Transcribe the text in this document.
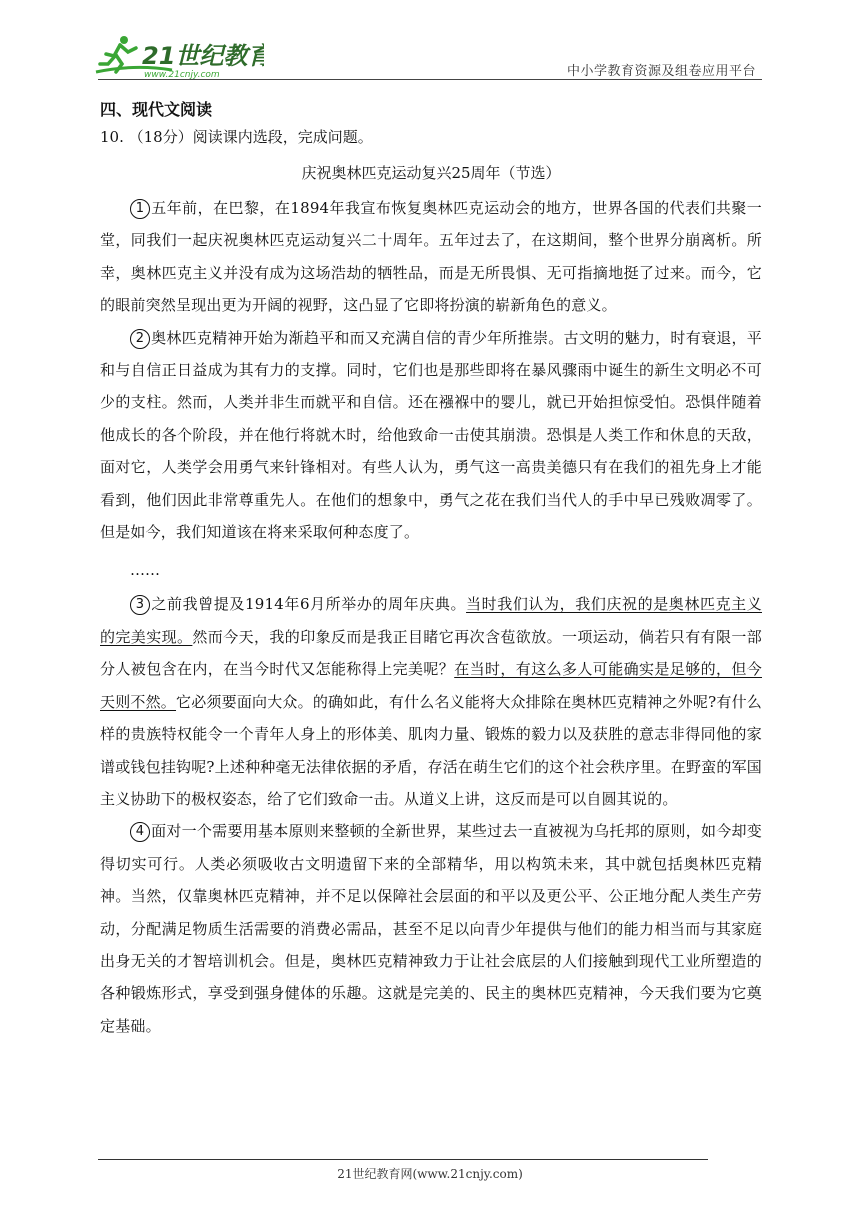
21世纪教育
www.21cnjy.com	中小学教育资源及组卷应用平台
四、现代文阅读

10. （18分）阅读课内选段，完成问题。

庆祝奥林匹克运动复兴25周年（节选）

1 五年前，在巴黎，在1894年我宣布恢复奥林匹克运动会的地方，世界各国的代表们共聚一堂，同我们一起庆祝奥林匹克运动复兴二十周年。五年过去了，在这期间，整个世界分崩离析。所幸，奥林匹克主义并没有成为这场浩劫的牺牲品，而是无所畏惧、无可指摘地挺了过来。而今，它的眼前突然呈现出更为开阔的视野，这凸显了它即将扮演的崭新角色的意义。

2 奥林匹克精神开始为渐趋平和而又充满自信的青少年所推崇。古文明的魅力，时有衰退，平和与自信正日益成为其有力的支撑。同时，它们也是那些即将在暴风骤雨中诞生的新生文明必不可少的支柱。然而，人类并非生而就平和自信。还在襁褓中的婴儿，就已开始担惊受怕。恐惧伴随着他成长的各个阶段，并在他行将就木时，给他致命一击使其崩溃。恐惧是人类工作和休息的天敌，面对它，人类学会用勇气来针锋相对。有些人认为，勇气这一高贵美德只有在我们的祖先身上才能看到，他们因此非常尊重先人。在他们的想象中，勇气之花在我们当代人的手中早已残败凋零了。但是如今，我们知道该在将来采取何种态度了。

……

3 之前我曾提及1914年6月所举办的周年庆典。当时我们认为，我们庆祝的是奥林匹克主义的完美实现。然而今天，我的印象反而是我正目睹它再次含苞欲放。一项运动，倘若只有有限一部分人被包含在内，在当今时代又怎能称得上完美呢？在当时，有这么多人可能确实是足够的，但今天则不然。它必须要面向大众。的确如此，有什么名义能将大众排除在奥林匹克精神之外呢?有什么样的贵族特权能令一个青年人身上的形体美、肌肉力量、锻炼的毅力以及获胜的意志非得同他的家谱或钱包挂钩呢?上述种种毫无法律依据的矛盾，存活在萌生它们的这个社会秩序里。在野蛮的军国主义协助下的极权姿态，给了它们致命一击。从道义上讲，这反而是可以自圆其说的。

4 面对一个需要用基本原则来整顿的全新世界，某些过去一直被视为乌托邦的原则，如今却变得切实可行。人类必须吸收古文明遗留下来的全部精华，用以构筑未来，其中就包括奥林匹克精神。当然，仅靠奥林匹克精神，并不足以保障社会层面的和平以及更公平、公正地分配人类生产劳动，分配满足物质生活需要的消费必需品，甚至不足以向青少年提供与他们的能力相当而与其家庭出身无关的才智培训机会。但是，奥林匹克精神致力于让社会底层的人们接触到现代工业所塑造的各种锻炼形式，享受到强身健体的乐趣。这就是完美的、民主的奥林匹克精神，今天我们要为它奠定基础。

21世纪教育网(www.21cnjy.com)
